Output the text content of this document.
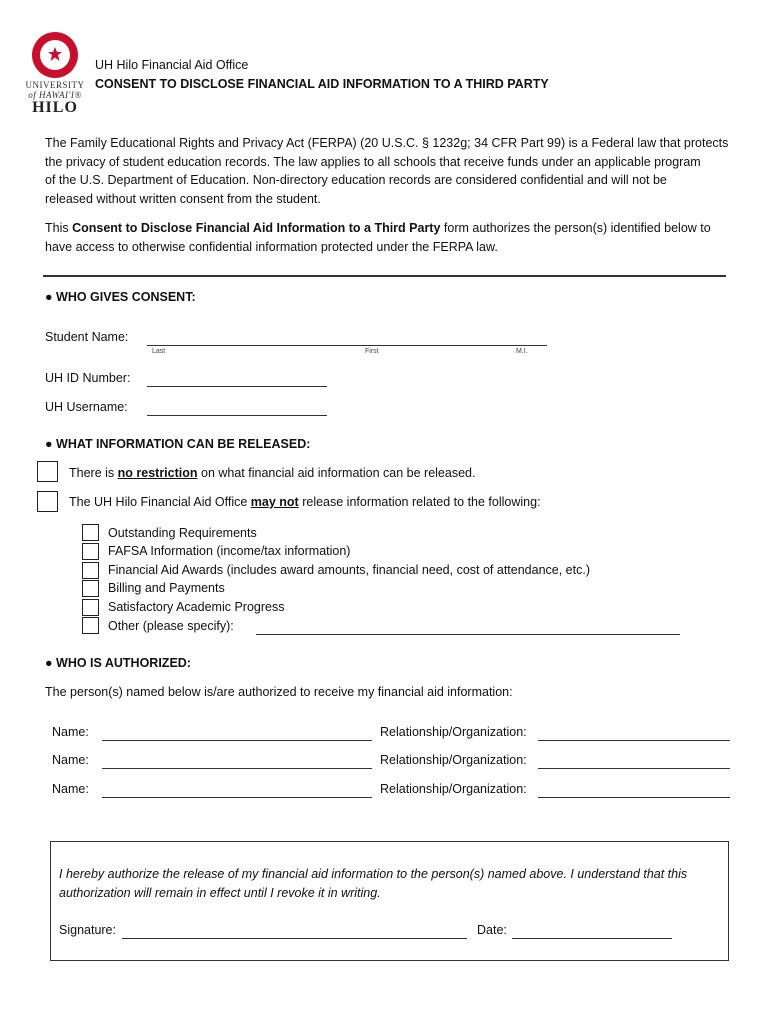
UNIVERSITY
of HAWAI'I®
HILO
UH Hilo Financial Aid Office
CONSENT TO DISCLOSE FINANCIAL AID INFORMATION TO A THIRD PARTY
The Family Educational Rights and Privacy Act (FERPA) (20 U.S.C. § 1232g; 34 CFR Part 99) is a Federal law that protects
the privacy of student education records. The law applies to all schools that receive funds under an applicable program
of the U.S. Department of Education. Non-directory education records are considered confidential and will not be
released without written consent from the student.
This Consent to Disclose Financial Aid Information to a Third Party form authorizes the person(s) identified below to
have access to otherwise confidential information protected under the FERPA law.
● WHO GIVES CONSENT:
Student Name:
Last	First	M.I.
UH ID Number:
UH Username:
● WHAT INFORMATION CAN BE RELEASED:
There is no restriction on what financial aid information can be released.
The UH Hilo Financial Aid Office may not release information related to the following:
Outstanding Requirements
FAFSA Information (income/tax information)
Financial Aid Awards (includes award amounts, financial need, cost of attendance, etc.)
Billing and Payments
Satisfactory Academic Progress
Other (please specify):
● WHO IS AUTHORIZED:
The person(s) named below is/are authorized to receive my financial aid information:
Name:	Relationship/Organization:
Name:	Relationship/Organization:
Name:	Relationship/Organization:
I hereby authorize the release of my financial aid information to the person(s) named above. I understand that this
authorization will remain in effect until I revoke it in writing.
Signature:	Date:
